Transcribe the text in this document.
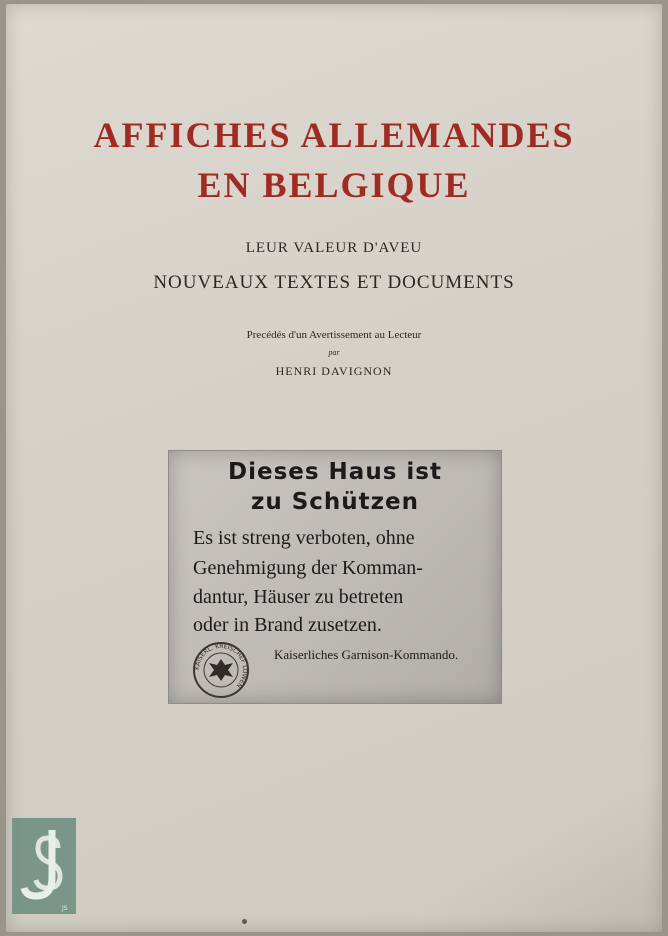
AFFICHES ALLEMANDES
EN BELGIQUE
LEUR VALEUR D'AVEU
NOUVEAUX TEXTES ET DOCUMENTS
Precédés d'un Avertissement au Lecteur
par
HENRI DAVIGNON
Dieses Haus ist
zu Schützen
Es ist streng verboten, ohne
Genehmigung der Komman-
dantur, Häuser zu betreten
oder in Brand zusetzen.
Kaiserliches Garnison-Kommando.
KAISERL. KREISCHEF LÖWEN
JS
